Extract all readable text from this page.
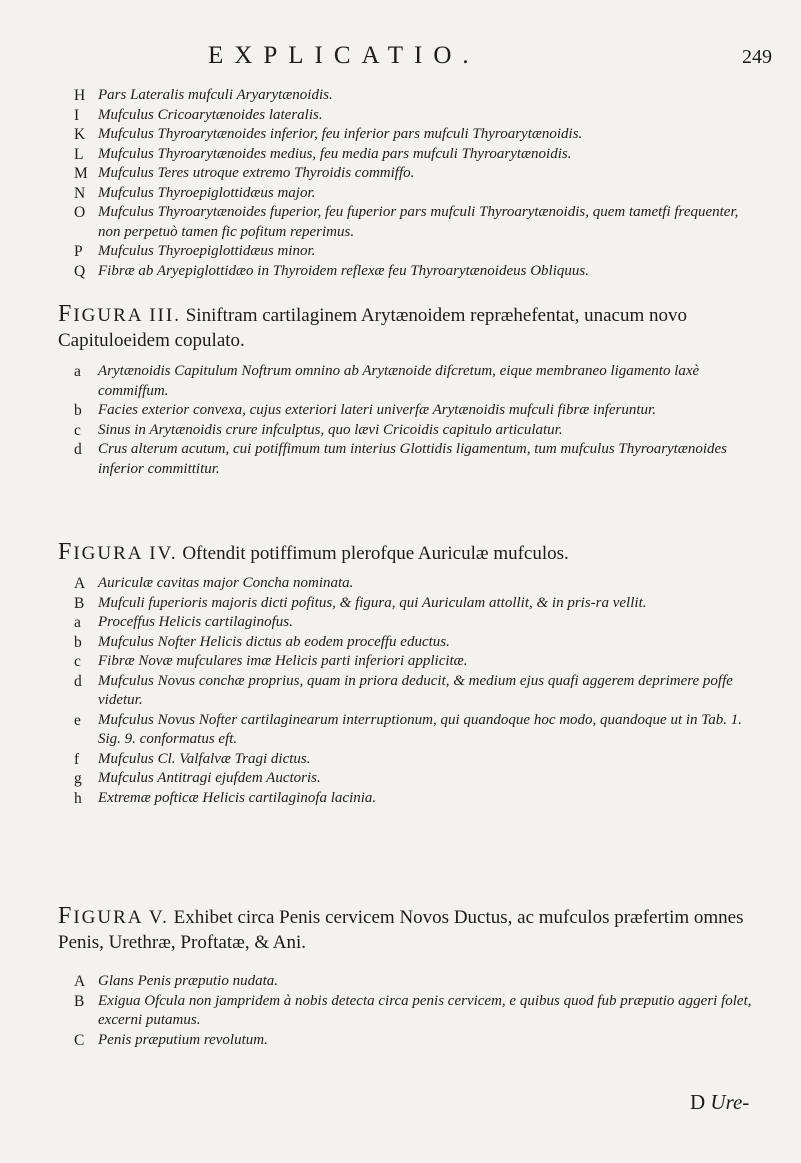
EXPLICATIO.	249
H Pars Lateralis mufculi Aryarytænoidis.
I Mufculus Cricoarytænoides lateralis.
K Mufculus Thyroarytænoides inferior, feu inferior pars mufculi Thyroarytænoidis.
L Mufculus Thyroarytænoides medius, feu media pars mufculi Thyroarytænoidis.
M Mufculus Teres utroque extremo Thyroidis commiffo.
N Mufculus Thyroepiglottidæus major.
O Mufculus Thyroarytænoides fuperior, feu fuperior pars mufculi Thyroarytænoidis, quem tametfi frequenter, non perpetuò tamen fic pofitum reperimus.
P Mufculus Thyroepiglottidæus minor.
Q Fibræ ab Aryepiglottidæo in Thyroidem reflexæ feu Thyroarytænoideus Obliquus.
FIGURA III. Siniftram cartilaginem Arytænoidem repræhefentat, unacum novo Capituloeidem copulato.
a Arytænoidis Capitulum Noftrum omnino ab Arytænoide difcretum, eique membraneo ligamento laxè commiffum.
b Facies exterior convexa, cujus exteriori lateri univerfæ Arytænoidis mufculi fibræ inferuntur.
c Sinus in Arytænoidis crure infculptus, quo lævi Cricoidis capitulo articulatur.
d Crus alterum acutum, cui potiffimum tum interius Glottidis ligamentum, tum mufculus Thyroarytænoides inferior committitur.
FIGURA IV. Oftendit potiffimum plerofque Auriculæ mufculos.
A Auriculæ cavitas major Concha nominata.
B Mufculi fuperioris majoris dicti pofitus, & figura, qui Auriculam attollit, & in pris-ra vellit.
a Proceffus Helicis cartilaginofus.
b Mufculus Nofter Helicis dictus ab eodem proceffu eductus.
c Fibræ Novæ mufculares imæ Helicis parti inferiori applicitæ.
d Mufculus Novus conchæ proprius, quam in priora deducit, & medium ejus quafi aggerem deprimere poffe videtur.
e Mufculus Novus Nofter cartilaginearum interruptionum, qui quandoque hoc modo, quandoque ut in Tab. 1. Sig. 9. conformatus eft.
f Mufculus Cl. Valfalvæ Tragi dictus.
g Mufculus Antitragi ejufdem Auctoris.
h Extremæ pofticæ Helicis cartilaginofa lacinia.
FIGURA V. Exhibet circa Penis cervicem Novos Ductus, ac mufculos præfertim omnes Penis, Urethræ, Proftatæ, & Ani.
A Glans Penis præputio nudata.
B Exigua Ofcula non jampridem à nobis detecta circa penis cervicem, e quibus quod fub præputio aggeri folet, excerni putamus.
C Penis præputium revolutum.
D Ure-
